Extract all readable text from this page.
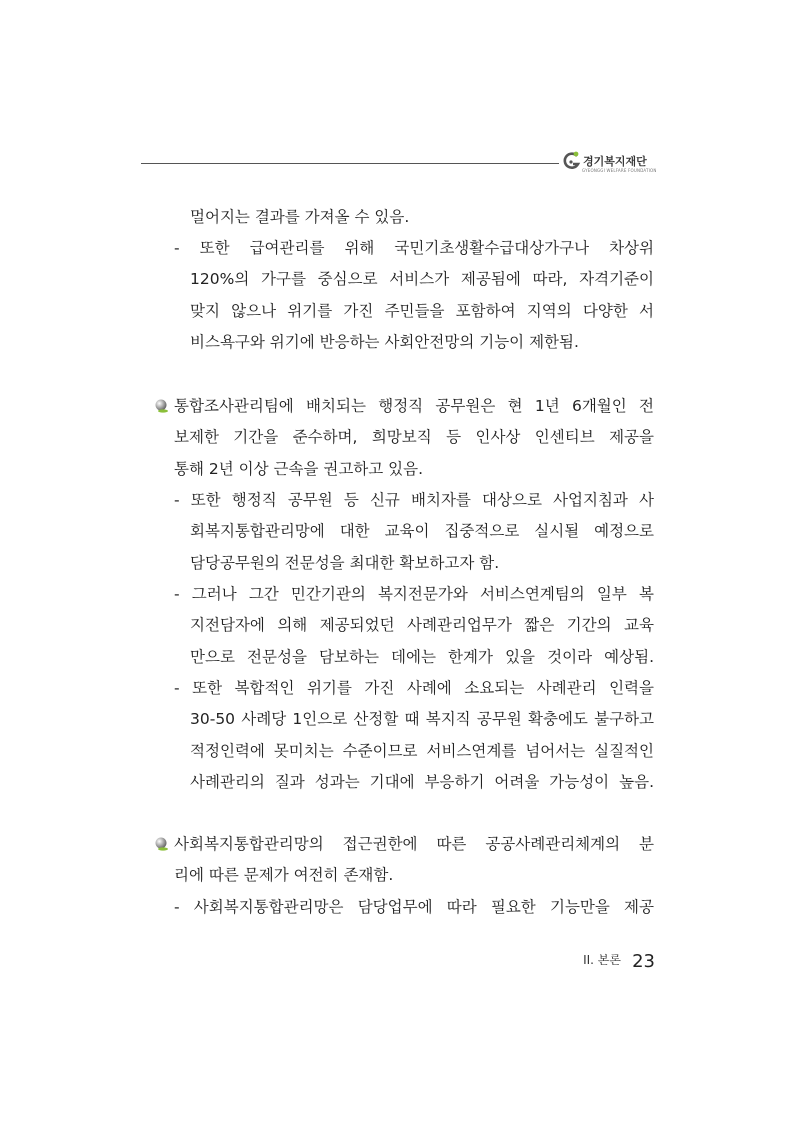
경기복지재단
GYEONGGI WELFARE FOUNDATION
멀어지는 결과를 가져올 수 있음.
- 또한 급여관리를 위해 국민기초생활수급대상가구나 차상위
120%의 가구를 중심으로 서비스가 제공됨에 따라, 자격기준이
맞지 않으나 위기를 가진 주민들을 포함하여 지역의 다양한 서
비스욕구와 위기에 반응하는 사회안전망의 기능이 제한됨.
통합조사관리팀에 배치되는 행정직 공무원은 현 1년 6개월인 전
보제한 기간을 준수하며, 희망보직 등 인사상 인센티브 제공을
통해 2년 이상 근속을 권고하고 있음.
- 또한 행정직 공무원 등 신규 배치자를 대상으로 사업지침과 사
회복지통합관리망에 대한 교육이 집중적으로 실시될 예정으로
담당공무원의 전문성을 최대한 확보하고자 함.
- 그러나 그간 민간기관의 복지전문가와 서비스연계팀의 일부 복
지전담자에 의해 제공되었던 사례관리업무가 짧은 기간의 교육
만으로 전문성을 담보하는 데에는 한계가 있을 것이라 예상됨.
- 또한 복합적인 위기를 가진 사례에 소요되는 사례관리 인력을
30-50 사례당 1인으로 산정할 때 복지직 공무원 확충에도 불구하고
적정인력에 못미치는 수준이므로 서비스연계를 넘어서는 실질적인
사례관리의 질과 성과는 기대에 부응하기 어려울 가능성이 높음.
사회복지통합관리망의 접근권한에 따른 공공사례관리체계의 분
리에 따른 문제가 여전히 존재함.
- 사회복지통합관리망은 담당업무에 따라 필요한 기능만을 제공
II. 본론 23
